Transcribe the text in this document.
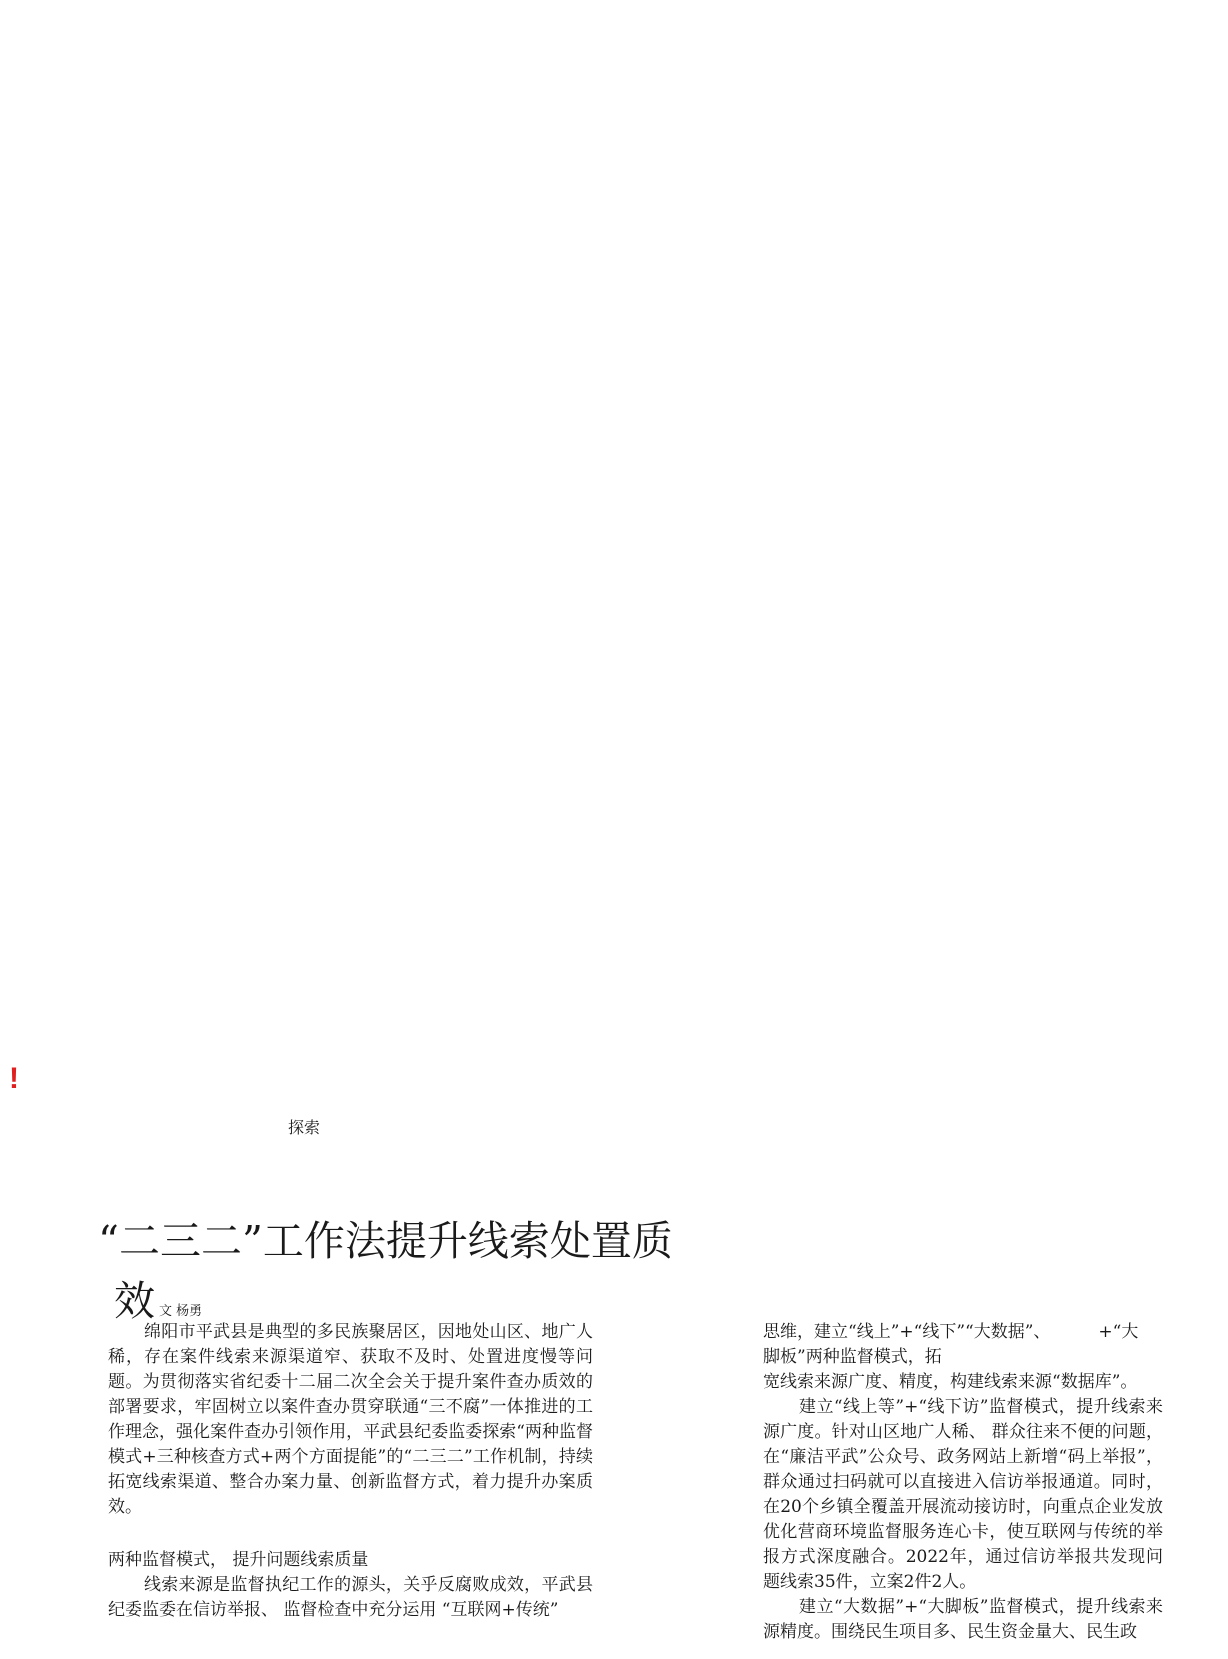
!
探索
“二三二”工作法提升线索处置质
效文 杨勇

绵阳市平武县是典型的多民族聚居区，因地处山区、地广人稀，存在案件线索来源渠道窄、获取不及时、处置进度慢等问题。为贯彻落实省纪委十二届二次全会关于提升案件查办质效的部署要求，牢固树立以案件查办贯穿联通“三不腐”一体推进的工作理念，强化案件查办引领作用，平武县纪委监委探索“两种监督模式+三种核查方式+两个方面提能”的“二三二”工作机制，持续拓宽线索渠道、整合办案力量、创新监督方式，着力提升办案质效。

两种监督模式， 提升问题线索质量

线索来源是监督执纪工作的源头，关乎反腐败成效，平武县纪委监委在信访举报、 监督检查中充分运用 “互联网+传统”

思维，建立“线上”+“线下”“大数据”、	+“大

脚板”两种监督模式，拓

宽线索来源广度、精度，构建线索来源“数据库”。

建立“线上等”+“线下访”监督模式，提升线索来源广度。针对山区地广人稀、 群众往来不便的问题，在“廉洁平武”公众号、政务网站上新增“码上举报”，群众通过扫码就可以直接进入信访举报通道。同时，在20个乡镇全覆盖开展流动接访时，向重点企业发放优化营商环境监督服务连心卡，使互联网与传统的举报方式深度融合。2022年，通过信访举报共发现问题线索35件，立案2件2人。

建立“大数据”+“大脚板”监督模式，提升线索来源精度。围绕民生项目多、民生资金量大、民生政
